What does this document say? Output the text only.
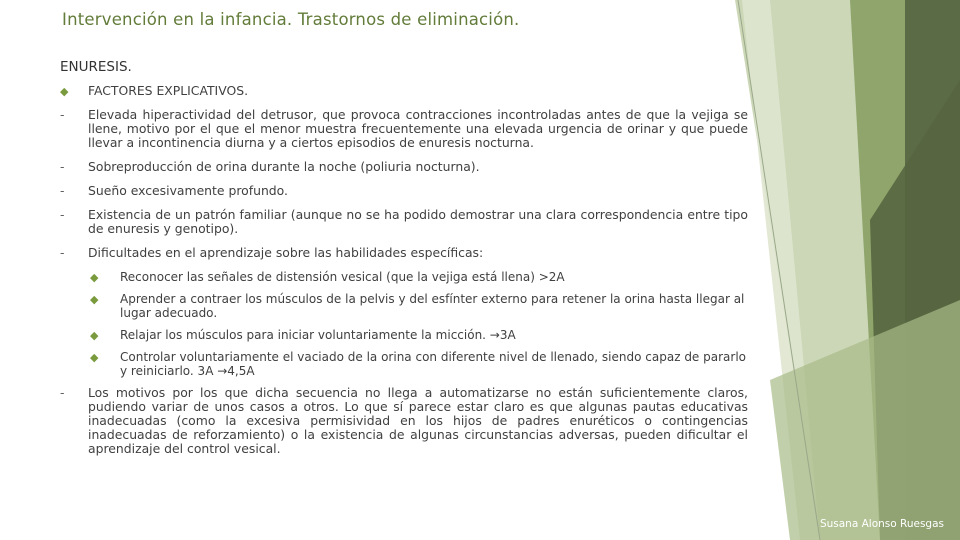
Intervención en la infancia. Trastornos de eliminación.
ENURESIS.
◆	FACTORES EXPLICATIVOS.
-	Elevada hiperactividad del detrusor, que provoca contracciones incontroladas antes de que la vejiga se llene, motivo por el que el menor muestra frecuentemente una elevada urgencia de orinar y que puede llevar a incontinencia diurna y a ciertos episodios de enuresis nocturna.
-	Sobreproducción de orina durante la noche (poliuria nocturna).
-	Sueño excesivamente profundo.
-	Existencia de un patrón familiar (aunque no se ha podido demostrar una clara correspondencia entre tipo de enuresis y genotipo).
-	Dificultades en el aprendizaje sobre las habilidades específicas:
◆	Reconocer las señales de distensión vesical (que la vejiga está llena) >2A
◆	Aprender a contraer los músculos de la pelvis y del esfínter externo para retener la orina hasta llegar al lugar adecuado.
◆	Relajar los músculos para iniciar voluntariamente la micción. →3A
◆	Controlar voluntariamente el vaciado de la orina con diferente nivel de llenado, siendo capaz de pararlo y reiniciarlo. 3A →4,5A
-	Los motivos por los que dicha secuencia no llega a automatizarse no están suficientemente claros, pudiendo variar de unos casos a otros. Lo que sí parece estar claro es que algunas pautas educativas inadecuadas (como la excesiva permisividad en los hijos de padres enuréticos o contingencias inadecuadas de reforzamiento) o la existencia de algunas circunstancias adversas, pueden dificultar el aprendizaje del control vesical.
Susana Alonso Ruesgas
